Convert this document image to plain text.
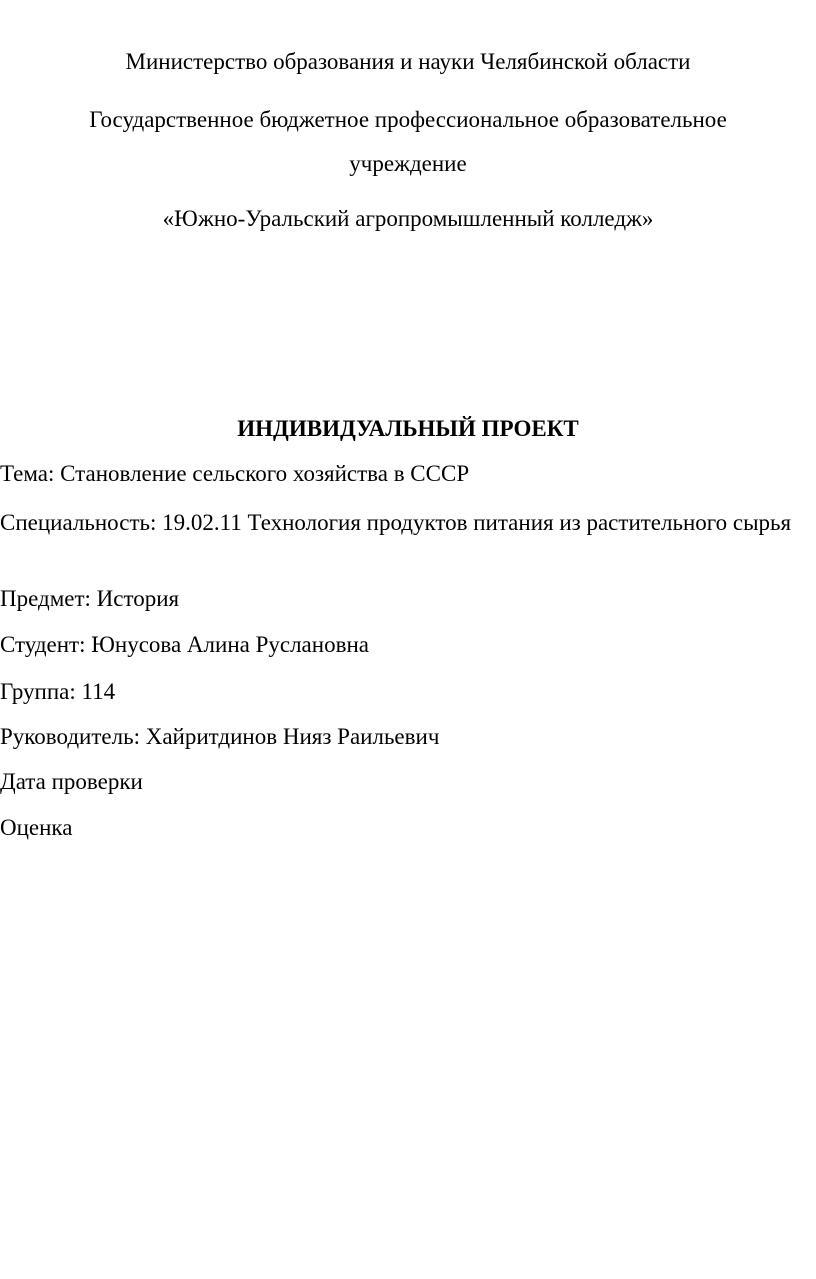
Министерство образования и науки Челябинской области
Государственное бюджетное профессиональное образовательное
учреждение
«Южно-Уральский агропромышленный колледж»
ИНДИВИДУАЛЬНЫЙ ПРОЕКТ
Тема: Становление сельского хозяйства в СССР
Специальность: 19.02.11 Технология продуктов питания из растительного сырья
Предмет: История
Студент: Юнусова Алина Руслановна
Группа: 114
Руководитель: Хайритдинов Нияз Раильевич
Дата проверки
Оценка
